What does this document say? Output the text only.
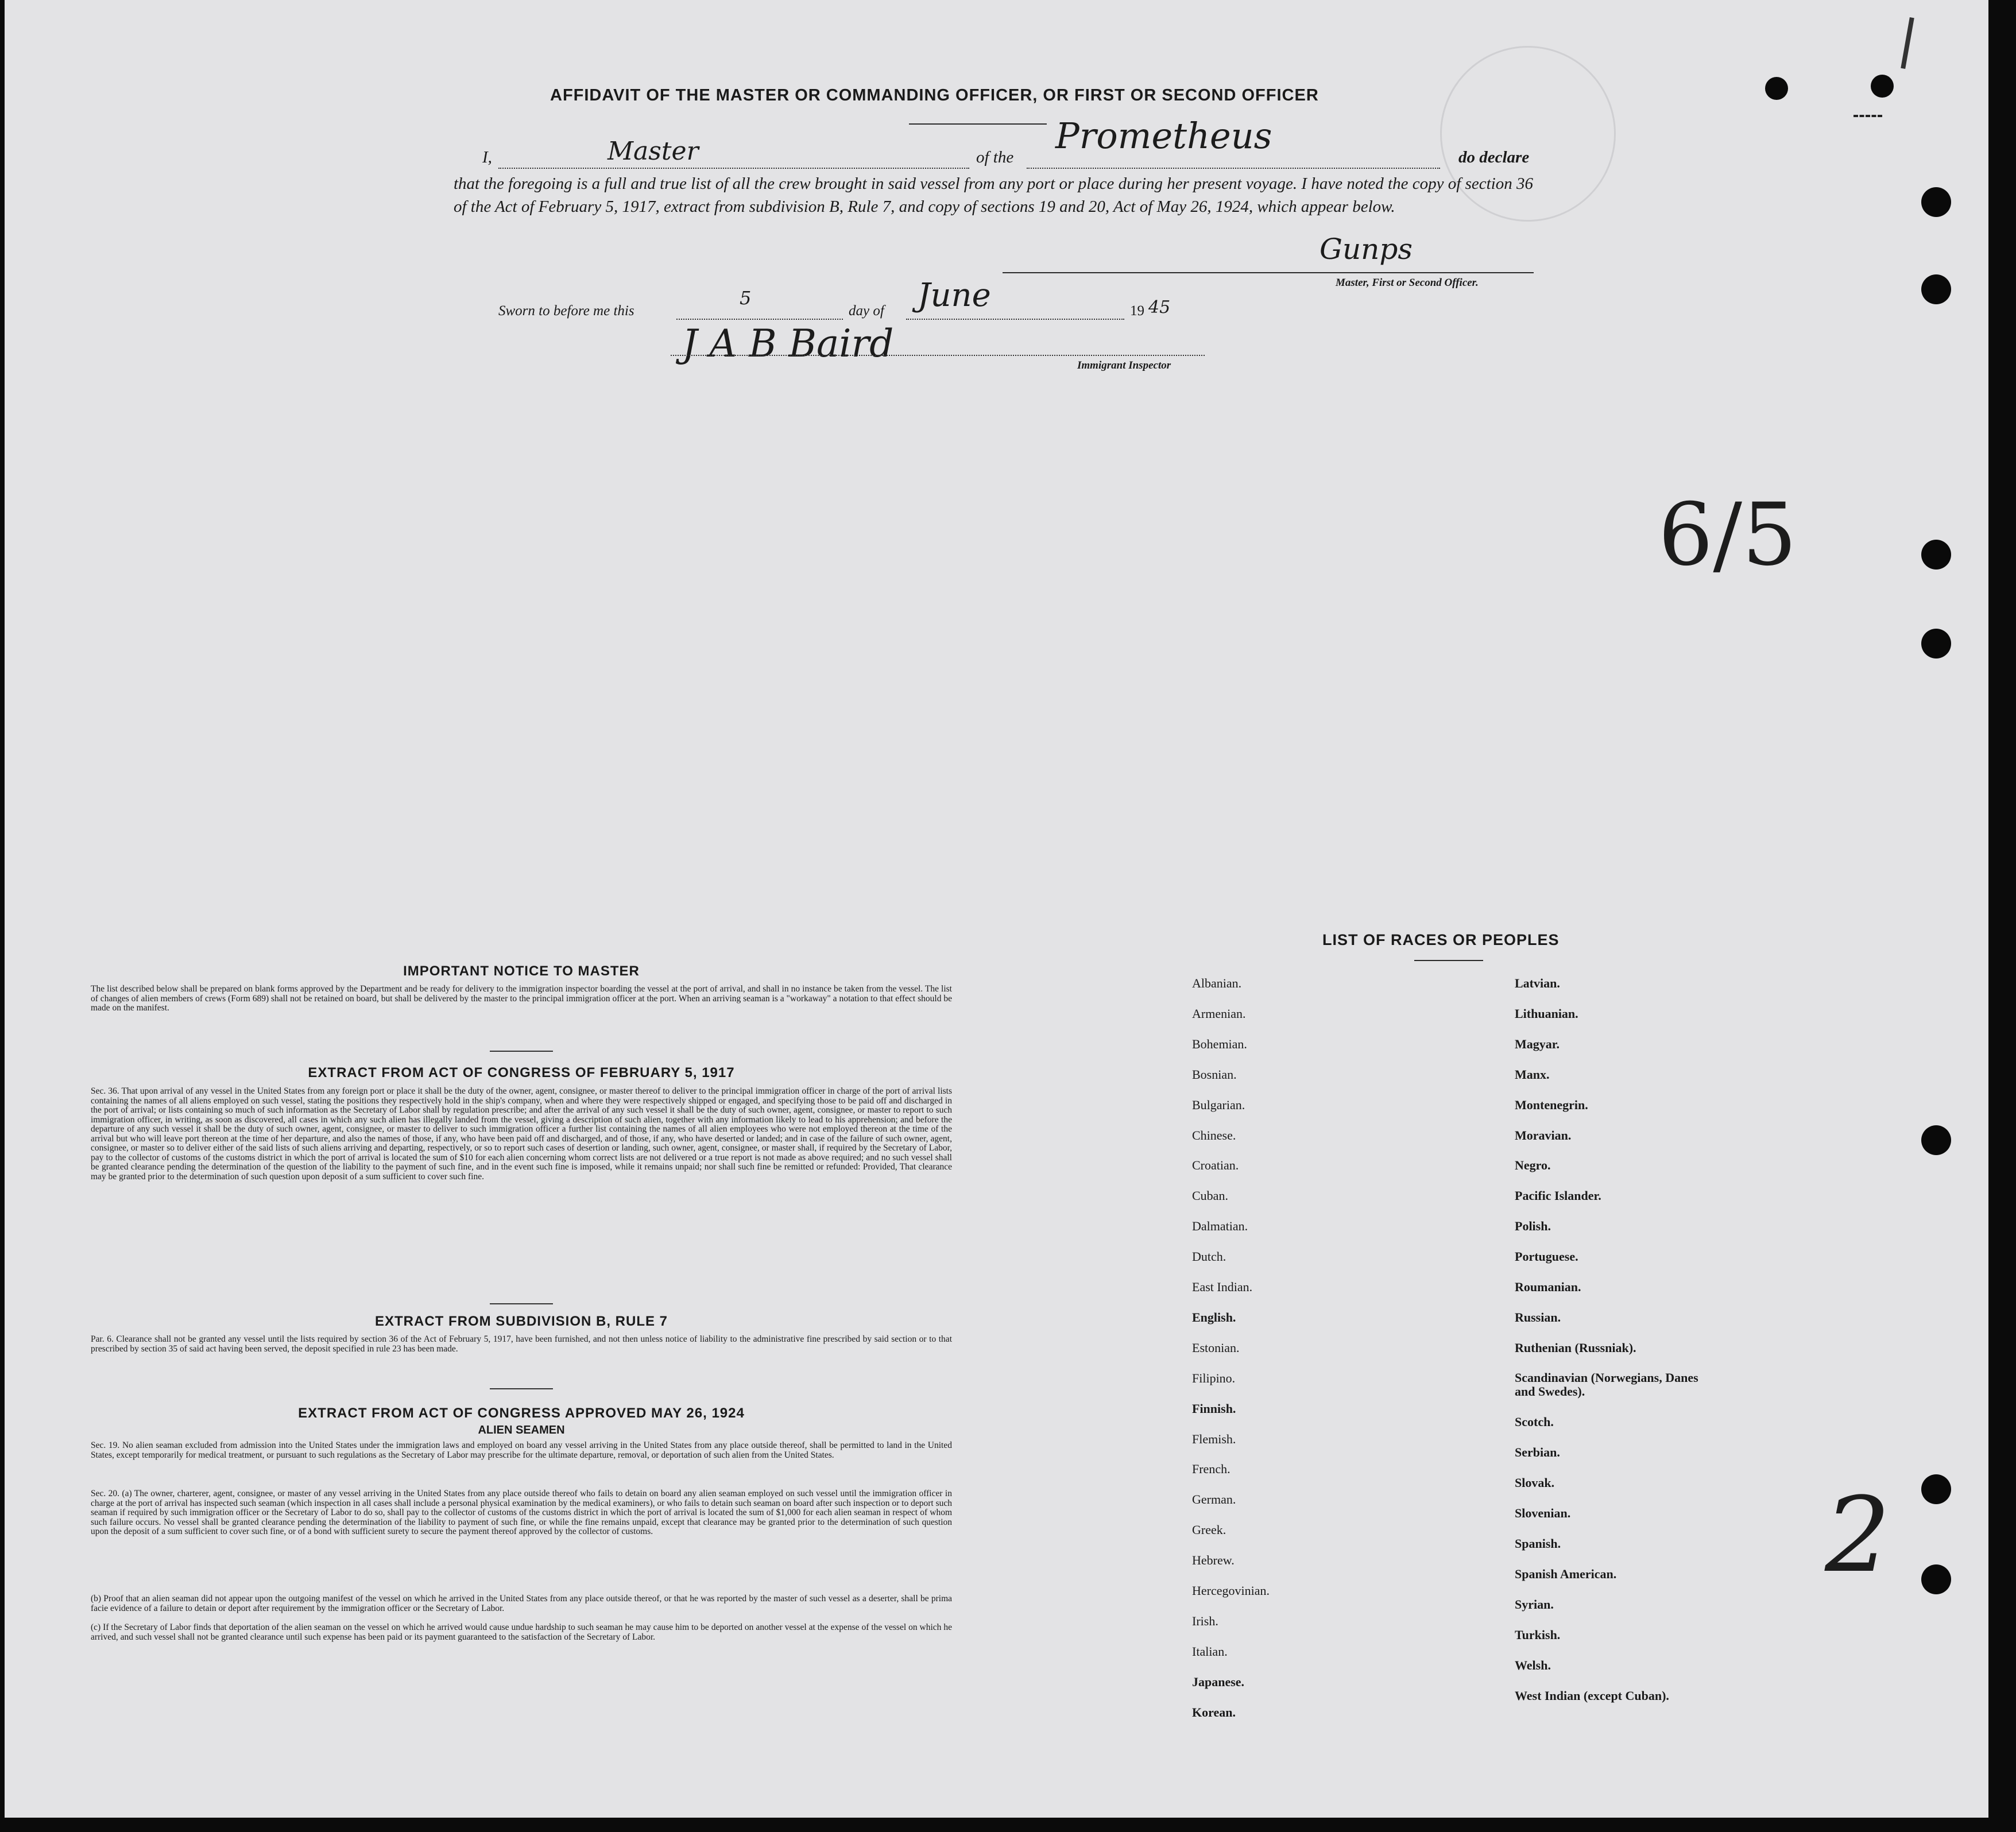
AFFIDAVIT OF THE MASTER OR COMMANDING OFFICER, OR FIRST OR SECOND OFFICER
I,	Master	of the
Prometheus
do declare
that the foregoing is a full and true list of all the crew brought in said vessel from any port or place during her present voyage. I have noted the copy of section 36 of the Act of February 5, 1917, extract from subdivision B, Rule 7, and copy of sections 19 and 20, Act of May 26, 1924, which appear below.
Gunps
Master, First or Second Officer.
Sworn to before me this
5
day of June	19 45
J A B Baird	Immigrant Inspector
6/5
2
IMPORTANT NOTICE TO MASTER
The list described below shall be prepared on blank forms approved by the Department and be ready for delivery to the immigration inspector boarding the vessel at the port of arrival, and shall in no instance be taken from the vessel. The list of changes of alien members of crews (Form 689) shall not be retained on board, but shall be delivered by the master to the principal immigration officer at the port. When an arriving seaman is a "workaway" a notation to that effect should be made on the manifest.
EXTRACT FROM ACT OF CONGRESS OF FEBRUARY 5, 1917
Sec. 36. That upon arrival of any vessel in the United States from any foreign port or place it shall be the duty of the owner, agent, consignee, or master thereof to deliver to the principal immigration officer in charge of the port of arrival lists containing the names of all aliens employed on such vessel, stating the positions they respectively hold in the ship's company, when and where they were respectively shipped or engaged, and specifying those to be paid off and discharged in the port of arrival; or lists containing so much of such information as the Secretary of Labor shall by regulation prescribe; and after the arrival of any such vessel it shall be the duty of such owner, agent, consignee, or master to report to such immigration officer, in writing, as soon as discovered, all cases in which any such alien has illegally landed from the vessel, giving a description of such alien, together with any information likely to lead to his apprehension; and before the departure of any such vessel it shall be the duty of such owner, agent, consignee, or master to deliver to such immigration officer a further list containing the names of all alien employees who were not employed thereon at the time of the arrival but who will leave port thereon at the time of her departure, and also the names of those, if any, who have been paid off and discharged, and of those, if any, who have deserted or landed; and in case of the failure of such owner, agent, consignee, or master so to deliver either of the said lists of such aliens arriving and departing, respectively, or so to report such cases of desertion or landing, such owner, agent, consignee, or master shall, if required by the Secretary of Labor, pay to the collector of customs of the customs district in which the port of arrival is located the sum of $10 for each alien concerning whom correct lists are not delivered or a true report is not made as above required; and no such vessel shall be granted clearance pending the determination of the question of the liability to the payment of such fine, and in the event such fine is imposed, while it remains unpaid; nor shall such fine be remitted or refunded: Provided, That clearance may be granted prior to the determination of such question upon deposit of a sum sufficient to cover such fine.
EXTRACT FROM SUBDIVISION B, RULE 7
Par. 6. Clearance shall not be granted any vessel until the lists required by section 36 of the Act of February 5, 1917, have been furnished, and not then unless notice of liability to the administrative fine prescribed by said section or to that prescribed by section 35 of said act having been served, the deposit specified in rule 23 has been made.
EXTRACT FROM ACT OF CONGRESS APPROVED MAY 26, 1924
ALIEN SEAMEN
Sec. 19. No alien seaman excluded from admission into the United States under the immigration laws and employed on board any vessel arriving in the United States from any place outside thereof, shall be permitted to land in the United States, except temporarily for medical treatment, or pursuant to such regulations as the Secretary of Labor may prescribe for the ultimate departure, removal, or deportation of such alien from the United States.
Sec. 20. (a) The owner, charterer, agent, consignee, or master of any vessel arriving in the United States from any place outside thereof who fails to detain on board any alien seaman employed on such vessel until the immigration officer in charge at the port of arrival has inspected such seaman (which inspection in all cases shall include a personal physical examination by the medical examiners), or who fails to detain such seaman on board after such inspection or to deport such seaman if required by such immigration officer or the Secretary of Labor to do so, shall pay to the collector of customs of the customs district in which the port of arrival is located the sum of $1,000 for each alien seaman in respect of whom such failure occurs. No vessel shall be granted clearance pending the determination of the liability to payment of such fine, or while the fine remains unpaid, except that clearance may be granted prior to the determination of such question upon the deposit of a sum sufficient to cover such fine, or of a bond with sufficient surety to secure the payment thereof approved by the collector of customs.
(b) Proof that an alien seaman did not appear upon the outgoing manifest of the vessel on which he arrived in the United States from any place outside thereof, or that he was reported by the master of such vessel as a deserter, shall be prima facie evidence of a failure to detain or deport after requirement by the immigration officer or the Secretary of Labor.
(c) If the Secretary of Labor finds that deportation of the alien seaman on the vessel on which he arrived would cause undue hardship to such seaman he may cause him to be deported on another vessel at the expense of the vessel on which he arrived, and such vessel shall not be granted clearance until such expense has been paid or its payment guaranteed to the satisfaction of the Secretary of Labor.
LIST OF RACES OR PEOPLES
Albanian.
Armenian.
Bohemian.
Bosnian.
Bulgarian.
Chinese.
Croatian.
Cuban.
Dalmatian.
Dutch.
East Indian.
English.
Estonian.
Filipino.
Finnish.
Flemish.
French.
German.
Greek.
Hebrew.
Hercegovinian.
Irish.
Italian.
Japanese.
Korean.
Latvian.
Lithuanian.
Magyar.
Manx.
Montenegrin.
Moravian.
Negro.
Pacific Islander.
Polish.
Portuguese.
Roumanian.
Russian.
Ruthenian (Russniak).
Scandinavian (Norwegians, Danes and Swedes).
Scotch.
Serbian.
Slovak.
Slovenian.
Spanish.
Spanish American.
Syrian.
Turkish.
Welsh.
West Indian (except Cuban).
